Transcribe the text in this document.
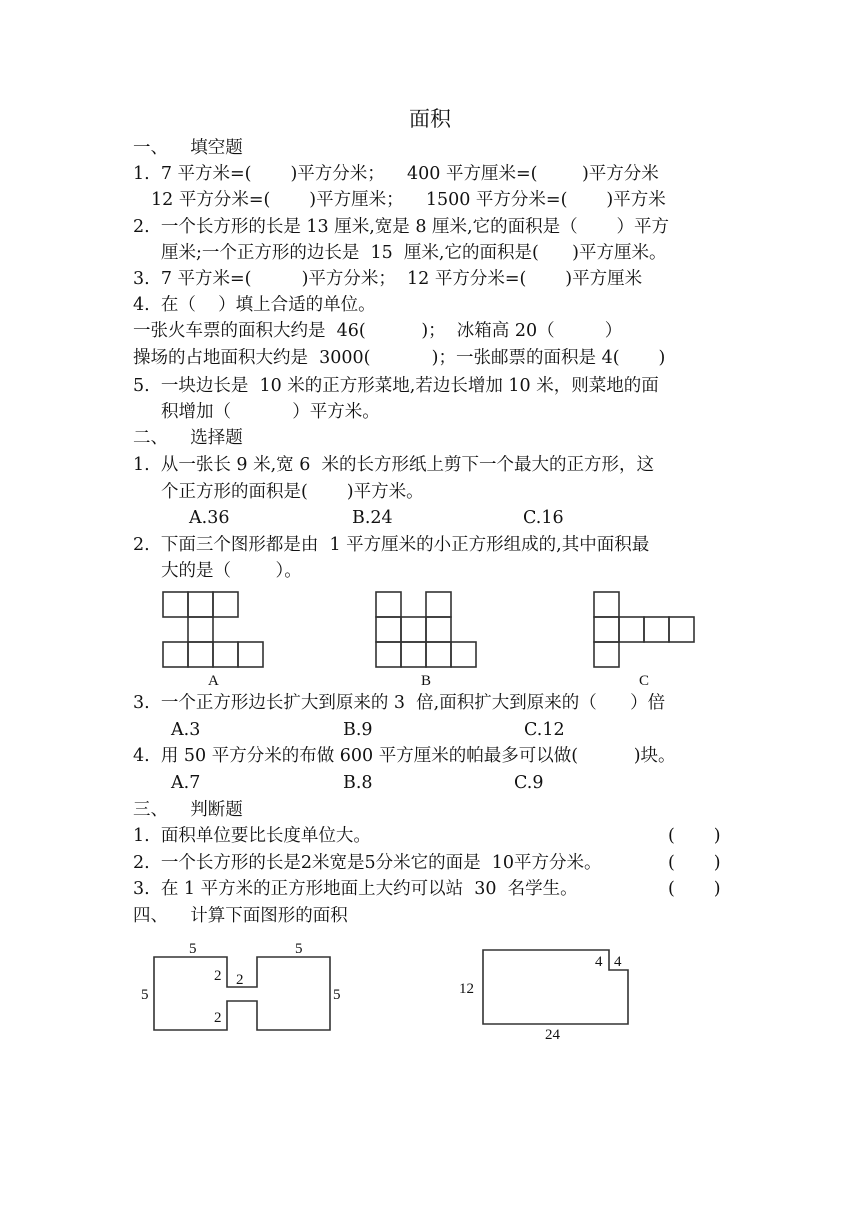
面积
一、    填空题
1.  7 平方米=(       )平方分米；    400 平方厘米=(        )平方分米
12 平方分米=(       )平方厘米；    1500 平方分米=(       )平方米
2.  一个长方形的长是 13 厘米,宽是 8 厘米,它的面积是（       ）平方
厘米;一个正方形的边长是  15  厘米,它的面积是(      )平方厘米。
3.  7 平方米=(         )平方分米；  12 平方分米=(       )平方厘米
4.  在（    ）填上合适的单位。
一张火车票的面积大约是  46(          )；  冰箱高 20（         ）
操场的占地面积大约是  3000(           )；一张邮票的面积是 4(       )
5.  一块边长是  10 米的正方形菜地,若边长增加 10 米，则菜地的面
积增加（           ）平方米。
二、    选择题
1.  从一张长 9 米,宽 6  米的长方形纸上剪下一个最大的正方形，这
个正方形的面积是(       )平方米。
A.36	B.24	C.16
2.  下面三个图形都是由  1 平方厘米的小正方形组成的,其中面积最
大的是（        ）。
A	B	C
3.  一个正方形边长扩大到原来的 3  倍,面积扩大到原来的（      ）倍
A.3	B.9	C.12
4.  用 50 平方分米的布做 600 平方厘米的帕最多可以做(          )块。
A.7	B.8	C.9
三、    判断题
1.  面积单位要比长度单位大。	(       )
2.  一个长方形的长是2米宽是5分米它的面是  10平方分米。	(       )
3.  在 1 平方米的正方形地面上大约可以站  30  名学生。	(       )
四、    计算下面图形的面积
5	5
5	5
2 2
2
12
24
4 4
